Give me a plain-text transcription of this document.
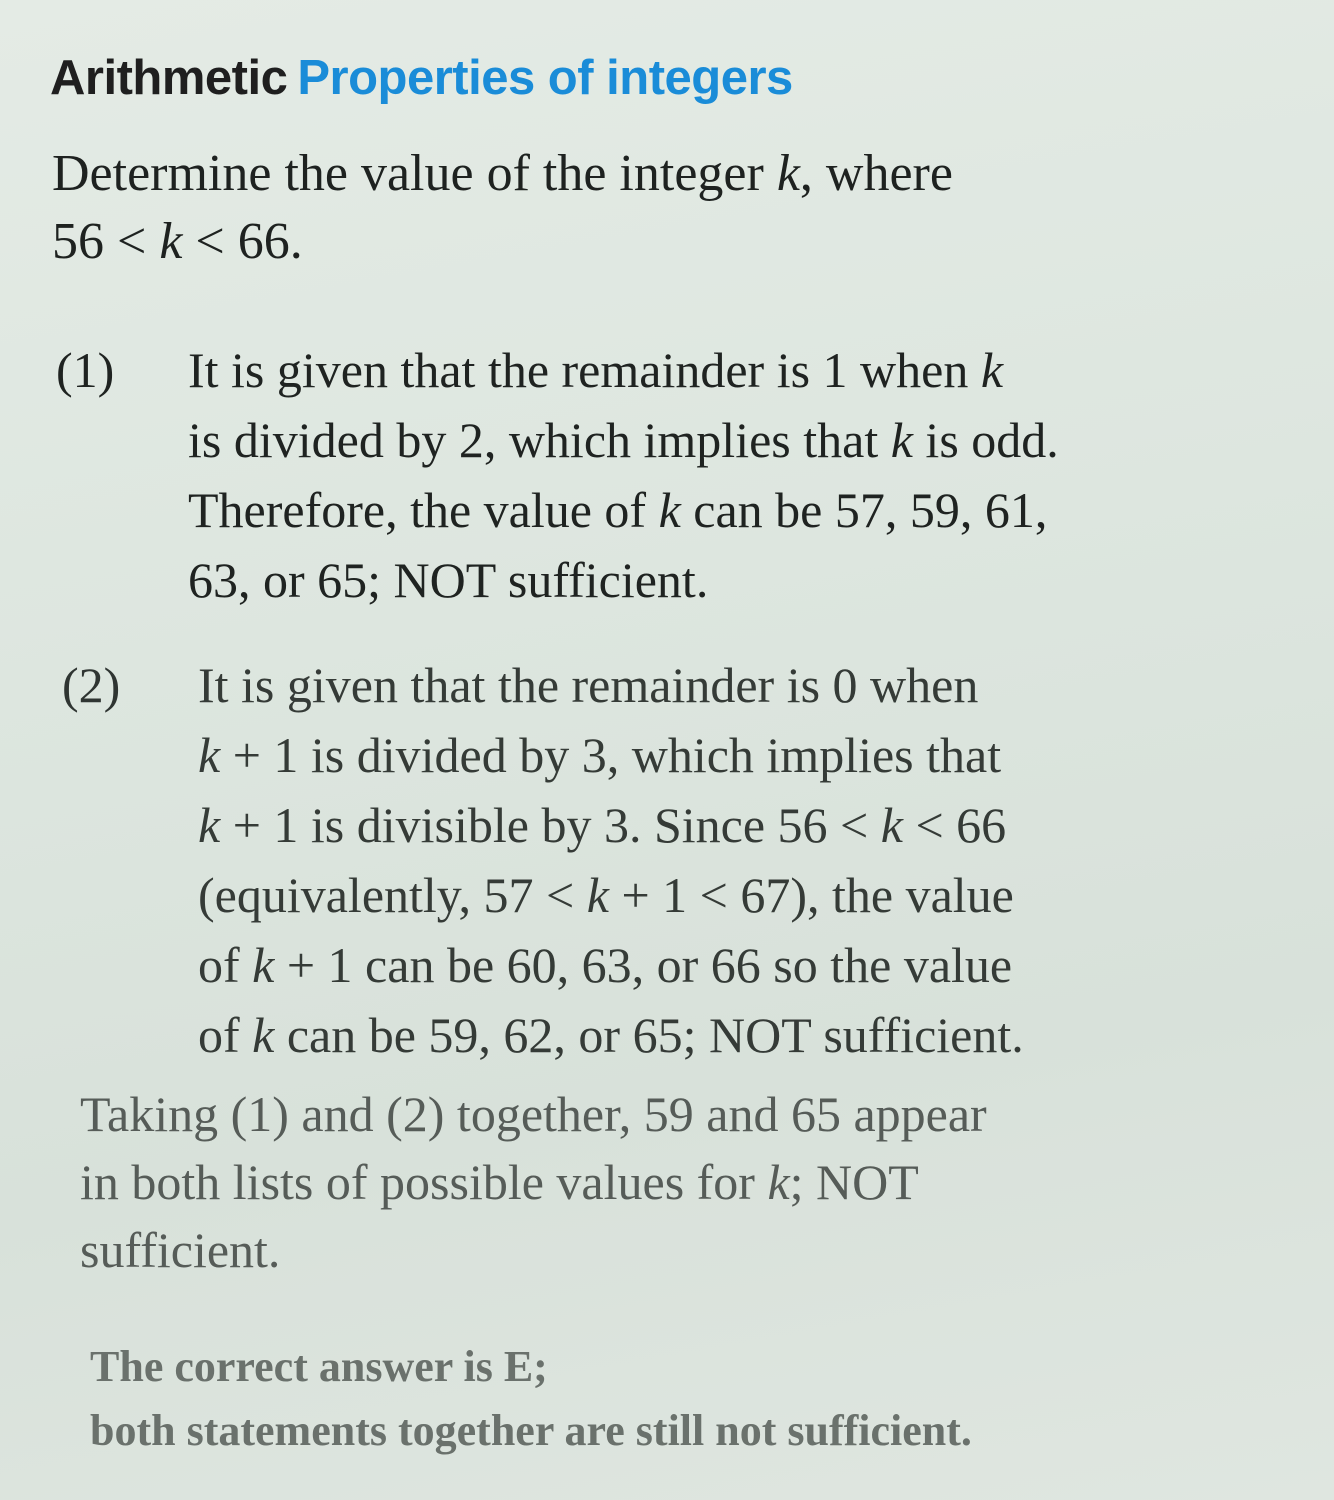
Arithmetic Properties of integers
Determine the value of the integer k, where
56 < k < 66.
(1) It is given that the remainder is 1 when k
is divided by 2, which implies that k is odd.
Therefore, the value of k can be 57, 59, 61,
63, or 65; NOT sufficient.
(2) It is given that the remainder is 0 when
k + 1 is divided by 3, which implies that
k + 1 is divisible by 3. Since 56 < k < 66
(equivalently, 57 < k + 1 < 67), the value
of k + 1 can be 60, 63, or 66 so the value
of k can be 59, 62, or 65; NOT sufficient.
Taking (1) and (2) together, 59 and 65 appear
in both lists of possible values for k; NOT
sufficient.
The correct answer is E;
both statements together are still not sufficient.
